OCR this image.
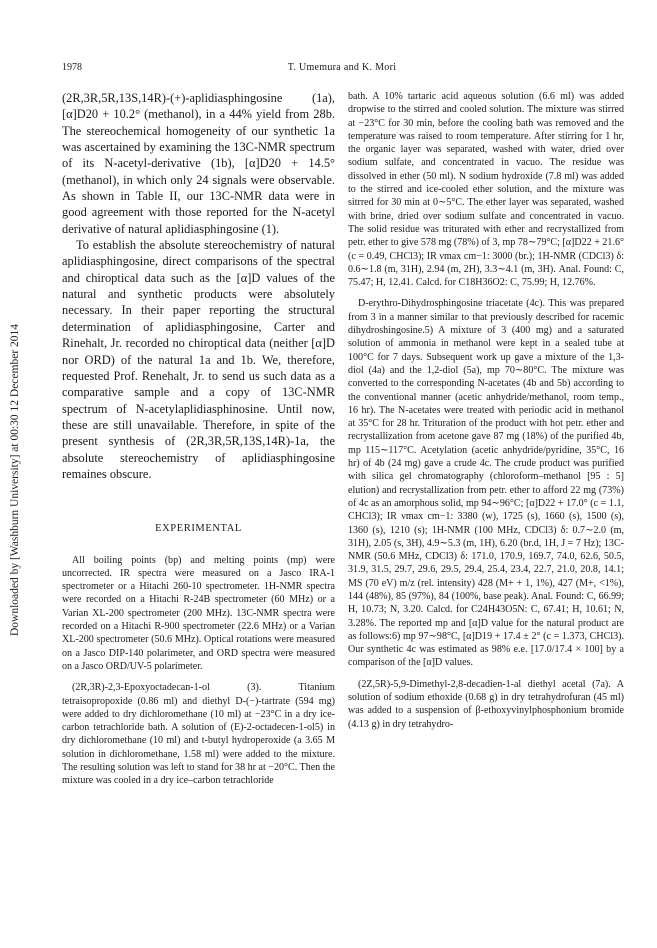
Downloaded by [Washburn University] at 00:30 12 December 2014
1978	T. Umemura and K. Mori

(2R,3R,5R,13S,14R)-(+)-aplidiasphingosine (1a), [α]D20 + 10.2° (methanol), in a 44% yield from 28b. The stereochemical homogeneity of our synthetic 1a was ascertained by examining the 13C-NMR spectrum of its N-acetyl-derivative (1b), [α]D20 + 14.5° (methanol), in which only 24 signals were observable. As shown in Table II, our 13C-NMR data were in good agreement with those reported for the N-acetyl derivative of natural aplidiasphingosine (1).

To establish the absolute stereochemistry of natural aplidiasphingosine, direct comparisons of the spectral and chiroptical data such as the [α]D values of the natural and synthetic products were absolutely necessary. In their paper reporting the structural determination of aplidiasphingosine, Carter and Rinehalt, Jr. recorded no chiroptical data (neither [α]D nor ORD) of the natural 1a and 1b. We, therefore, requested Prof. Renehalt, Jr. to send us such data as a comparative sample and a copy of 13C-NMR spectrum of N-acetylaplidiasphinosine. Until now, these are still unavailable. Therefore, in spite of the present synthesis of (2R,3R,5R,13S,14R)-1a, the absolute stereochemistry of aplidiasphingosine remaines obscure.

EXPERIMENTAL

All boiling points (bp) and melting points (mp) were uncorrected. IR spectra were measured on a Jasco IRA-1 spectrometer or a Hitachi 260-10 spectrometer. 1H-NMR spectra were recorded on a Hitachi R-24B spectrometer (60 MHz) or a Varian XL-200 spectrometer (200 MHz). 13C-NMR spectra were recorded on a Hitachi R-900 spectrometer (22.6 MHz) or a Varian XL-200 spectrometer (50.6 MHz). Optical rotations were measured on a Jasco DIP-140 polarimeter, and ORD spectra were measured on a Jasco ORD/UV-5 polarimeter.

(2R,3R)-2,3-Epoxyoctadecan-1-ol (3). Titanium tetraisopropoxide (0.86 ml) and diethyl D-(−)-tartrate (594 mg) were added to dry dichloromethane (10 ml) at −23°C in a dry ice-carbon tetrachloride bath. A solution of (E)-2-octadecen-1-ol5) in dry dichloromethane (10 ml) and t-butyl hydroperoxide (a 3.65 M solution in dichloromethane, 1.58 ml) were added to the mixture. The resulting solution was left to stand for 38 hr at −20°C. Then the mixture was cooled in a dry ice–carbon tetrachloride

bath. A 10% tartaric acid aqueous solution (6.6 ml) was added dropwise to the stirred and cooled solution. The mixture was stirred at −23°C for 30 min, before the cooling bath was removed and the temperature was raised to room temperature. After stirring for 1 hr, the organic layer was separated, washed with water, dried over sodium sulfate, and concentrated in vacuo. The residue was dissolved in ether (50 ml). N sodium hydroxide (7.8 ml) was added to the stirred and ice-cooled ether solution, and the mixture was sitrred for 30 min at 0∼5°C. The ether layer was separated, washed with brine, dried over sodium sulfate and concentrated in vacuo. The solid residue was triturated with ether and recrystallized from petr. ether to give 578 mg (78%) of 3, mp 78∼79°C; [α]D22 + 21.6° (c = 0.49, CHCl3); IR νmax cm−1: 3000 (br.); 1H-NMR (CDCl3) δ: 0.6∼1.8 (m, 31H), 2.94 (m, 2H), 3.3∼4.1 (m, 3H). Anal. Found: C, 75.47; H, 12.41. Calcd. for C18H36O2: C, 75.99; H, 12.76%.

D-erythro-Dihydrosphingosine triacetate (4c). This was prepared from 3 in a manner similar to that previously described for racemic dihydroshingosine.5) A mixture of 3 (400 mg) and a saturated solution of ammonia in methanol were kept in a sealed tube at 100°C for 7 days. Subsequent work up gave a mixture of the 1,3-diol (4a) and the 1,2-diol (5a), mp 70∼80°C. The mixture was converted to the corresponding N-acetates (4b and 5b) according to the conventional manner (acetic anhydride/methanol, room temp., 16 hr). The N-acetates were treated with periodic acid in methanol at 35°C for 28 hr. Trituration of the product with hot petr. ether and recrystallization from acetone gave 87 mg (18%) of the purified 4b, mp 115∼117°C. Acetylation (acetic anhydride/pyridine, 35°C, 16 hr) of 4b (24 mg) gave a crude 4c. The crude product was purified with silica gel chromatography (chloroform–methanol [95 : 5] elution) and recrystallization from petr. ether to afford 22 mg (73%) of 4c as an amorphous solid, mp 94∼96°C; [α]D22 + 17.0° (c = 1.1, CHCl3); IR νmax cm−1: 3380 (w), 1725 (s), 1660 (s), 1500 (s), 1360 (s), 1210 (s); 1H-NMR (100 MHz, CDCl3) δ: 0.7∼2.0 (m, 31H), 2.05 (s, 3H), 4.9∼5.3 (m, 1H), 6.20 (br.d, 1H, J = 7 Hz); 13C-NMR (50.6 MHz, CDCl3) δ: 171.0, 170.9, 169.7, 74.0, 62.6, 50.5, 31.9, 31.5, 29.7, 29.6, 29.5, 29.4, 25.4, 23.4, 22.7, 21.0, 20.8, 14.1; MS (70 eV) m/z (rel. intensity) 428 (M+ + 1, 1%), 427 (M+, <1%), 144 (48%), 85 (97%), 84 (100%, base peak). Anal. Found: C, 66.99; H, 10.73; N, 3.20. Calcd. for C24H43O5N: C, 67.41; H, 10.61; N, 3.28%. The reported mp and [α]D value for the natural product are as follows:6) mp 97∼98°C, [α]D19 + 17.4 ± 2° (c = 1.373, CHCl3). Our synthetic 4c was estimated as 98% e.e. [17.0/17.4 × 100] by a comparison of the [α]D values.

(2Z,5R)-5,9-Dimethyl-2,8-decadien-1-al diethyl acetal (7a). A solution of sodium ethoxide (0.68 g) in dry tetrahydrofuran (45 ml) was added to a suspension of β-ethoxyvinylphosphonium bromide (4.13 g) in dry tetrahydro-
